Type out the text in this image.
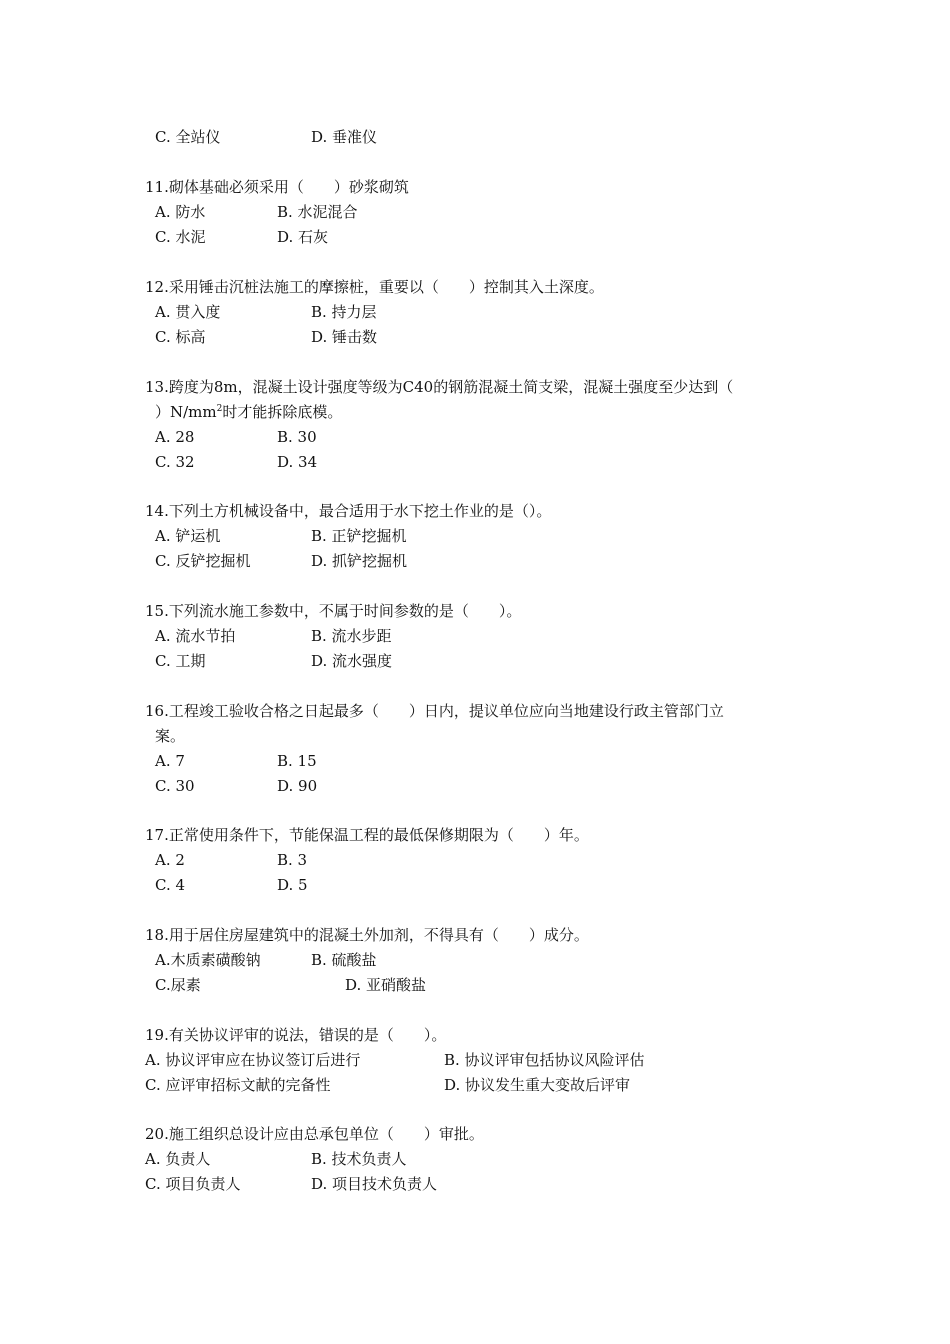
C. 全站仪	D. 垂准仪
11.砌体基础必须采用（　　）砂浆砌筑
A. 防水	B. 水泥混合
C. 水泥	D. 石灰
12.采用锤击沉桩法施工的摩擦桩，重要以（　　）控制其入土深度。
A. 贯入度	B. 持力层
C. 标高	D. 锤击数
13.跨度为8m，混凝土设计强度等级为C40的钢筋混凝土简支梁，混凝土强度至少达到（
）$N/mm^2$时才能拆除底模。
A. 28	B. 30
C. 32	D. 34
14.下列土方机械设备中，最合适用于水下挖土作业的是（）。
A. 铲运机	B. 正铲挖掘机
C. 反铲挖掘机	D. 抓铲挖掘机
15.下列流水施工参数中，不属于时间参数的是（　　）。
A. 流水节拍	B. 流水步距
C. 工期	D. 流水强度
16.工程竣工验收合格之日起最多（　　）日内，提议单位应向当地建设行政主管部门立
案。
A. 7	B. 15
C. 30	D. 90
17.正常使用条件下，节能保温工程的最低保修期限为（　　）年。
A. 2	B. 3
C. 4	D. 5
18.用于居住房屋建筑中的混凝土外加剂，不得具有（　　）成分。
A.木质素磺酸钠	B. 硫酸盐
C.尿素	D. 亚硝酸盐
19.有关协议评审的说法，错误的是（　　）。
A. 协议评审应在协议签订后进行	B. 协议评审包括协议风险评估
C. 应评审招标文献的完备性	D. 协议发生重大变故后评审
20.施工组织总设计应由总承包单位（　　）审批。
A. 负责人	B. 技术负责人
C. 项目负责人	D. 项目技术负责人
